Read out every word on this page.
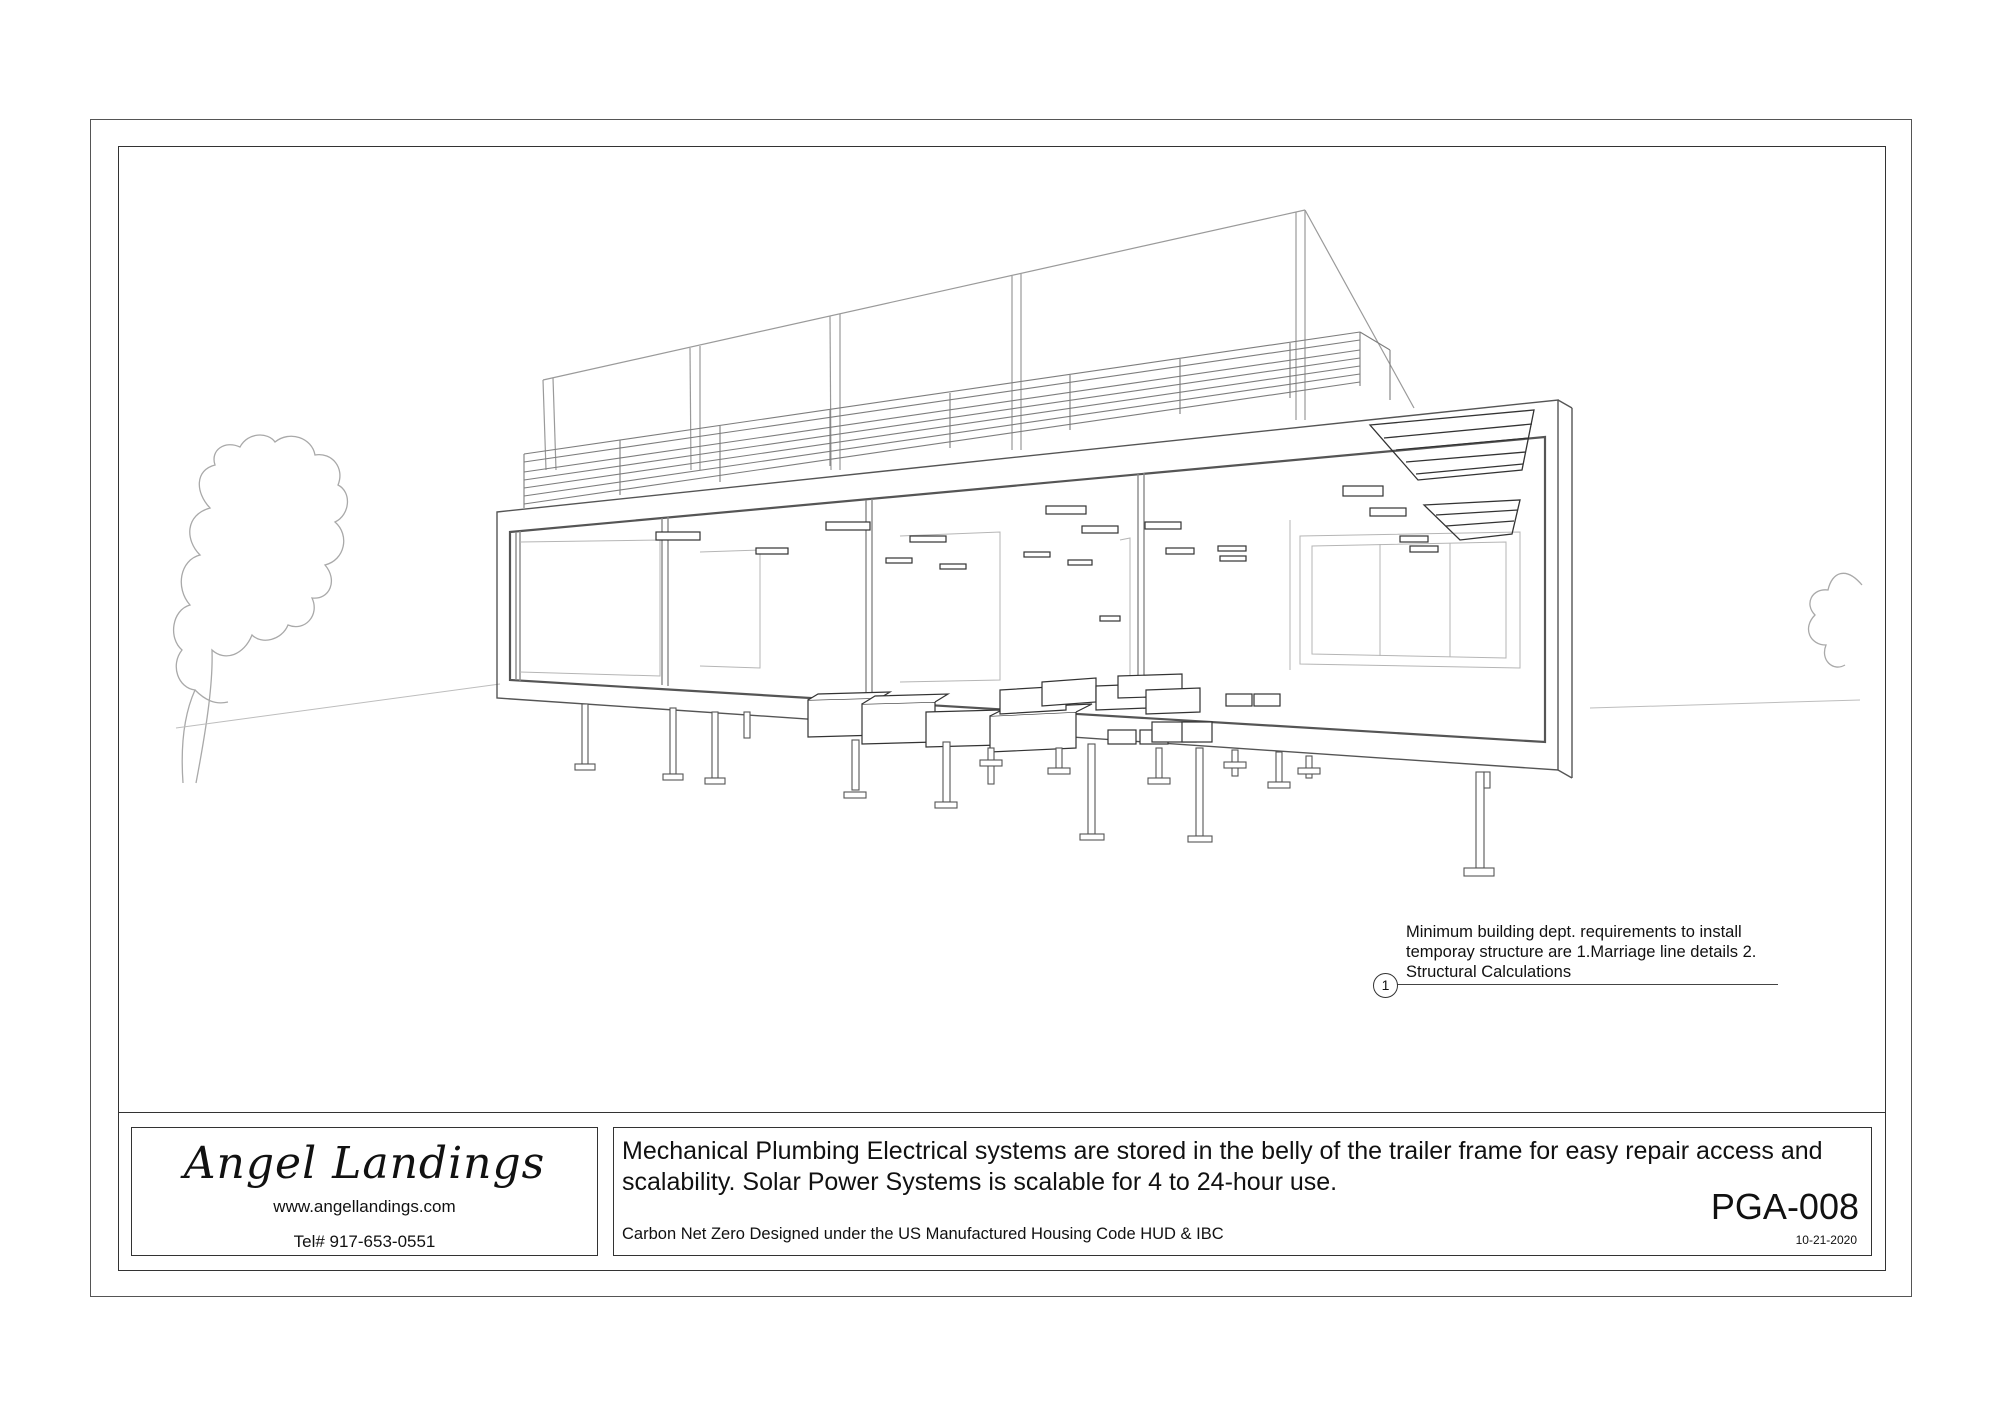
Minimum building dept. requirements to install temporay structure are 1.Marriage line details 2. Structural Calculations
1
Angel Landings
www.angellandings.com
Tel# 917-653-0551
Mechanical Plumbing Electrical systems are stored in the belly of the trailer frame for easy repair access and scalability. Solar Power Systems is scalable for 4 to 24-hour use.
PGA-008
Carbon Net Zero Designed under the US Manufactured Housing Code HUD & IBC	10-21-2020
